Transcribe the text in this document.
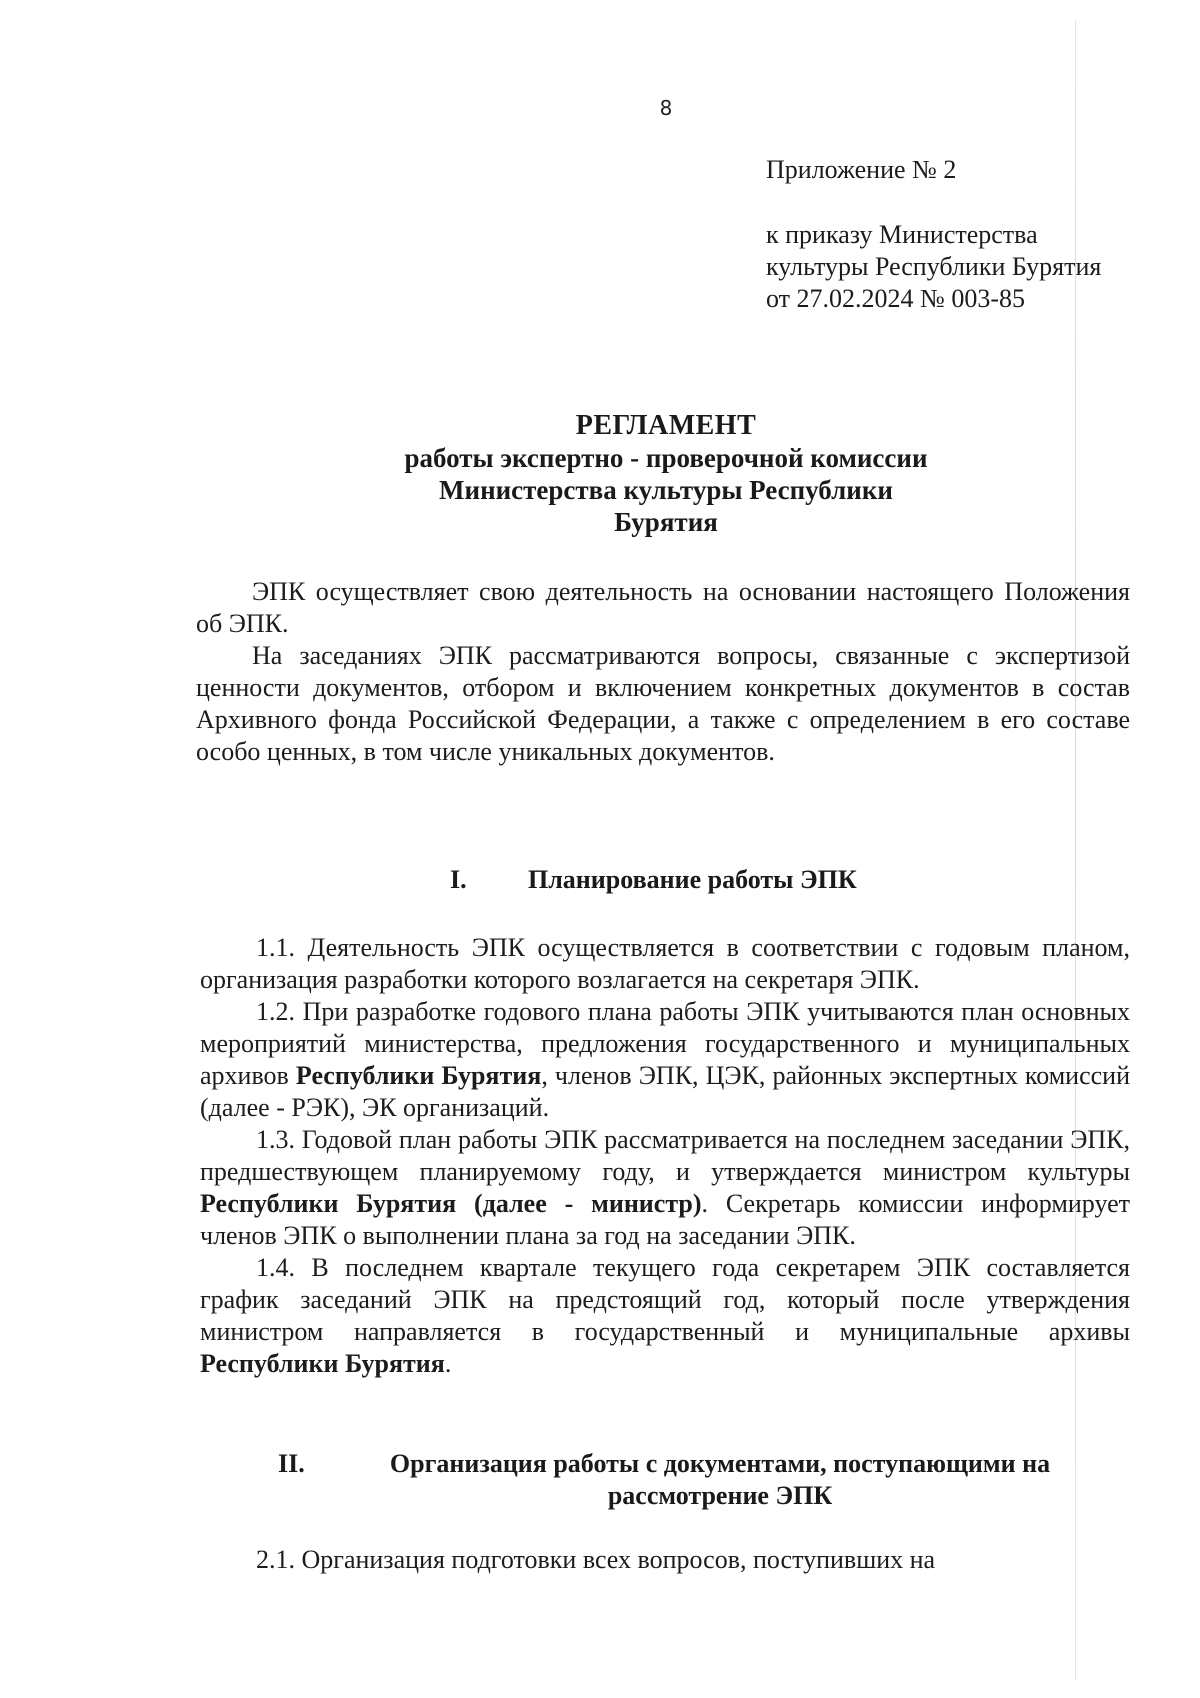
8
Приложение № 2
к приказу Министерства
культуры Республики Бурятия
от 27.02.2024 № 003-85
РЕГЛАМЕНТ
работы экспертно - проверочной комиссии
Министерства культуры Республики
Бурятия

ЭПК осуществляет свою деятельность на основании настоящего Положения об ЭПК.

На заседаниях ЭПК рассматриваются вопросы, связанные с экспертизой ценности документов, отбором и включением конкретных документов в состав Архивного фонда Российской Федерации, а также с определением в его составе особо ценных, в том числе уникальных документов.

I. Планирование работы ЭПК

1.1. Деятельность ЭПК осуществляется в соответствии с годовым планом, организация разработки которого возлагается на секретаря ЭПК.

1.2. При разработке годового плана работы ЭПК учитываются план основных мероприятий министерства, предложения государственного и муниципальных архивов Республики Бурятия, членов ЭПК, ЦЭК, районных экспертных комиссий (далее - РЭК), ЭК организаций.

1.3. Годовой план работы ЭПК рассматривается на последнем заседании ЭПК, предшествующем планируемому году, и утверждается министром культуры Республики Бурятия (далее - министр). Секретарь комиссии информирует членов ЭПК о выполнении плана за год на заседании ЭПК.

1.4. В последнем квартале текущего года секретарем ЭПК составляется график заседаний ЭПК на предстоящий год, который после утверждения министром направляется в государственный и муниципальные архивы Республики Бурятия.

II.	Организация работы с документами, поступающими на
рассмотрение ЭПК

2.1. Организация подготовки всех вопросов, поступивших на
